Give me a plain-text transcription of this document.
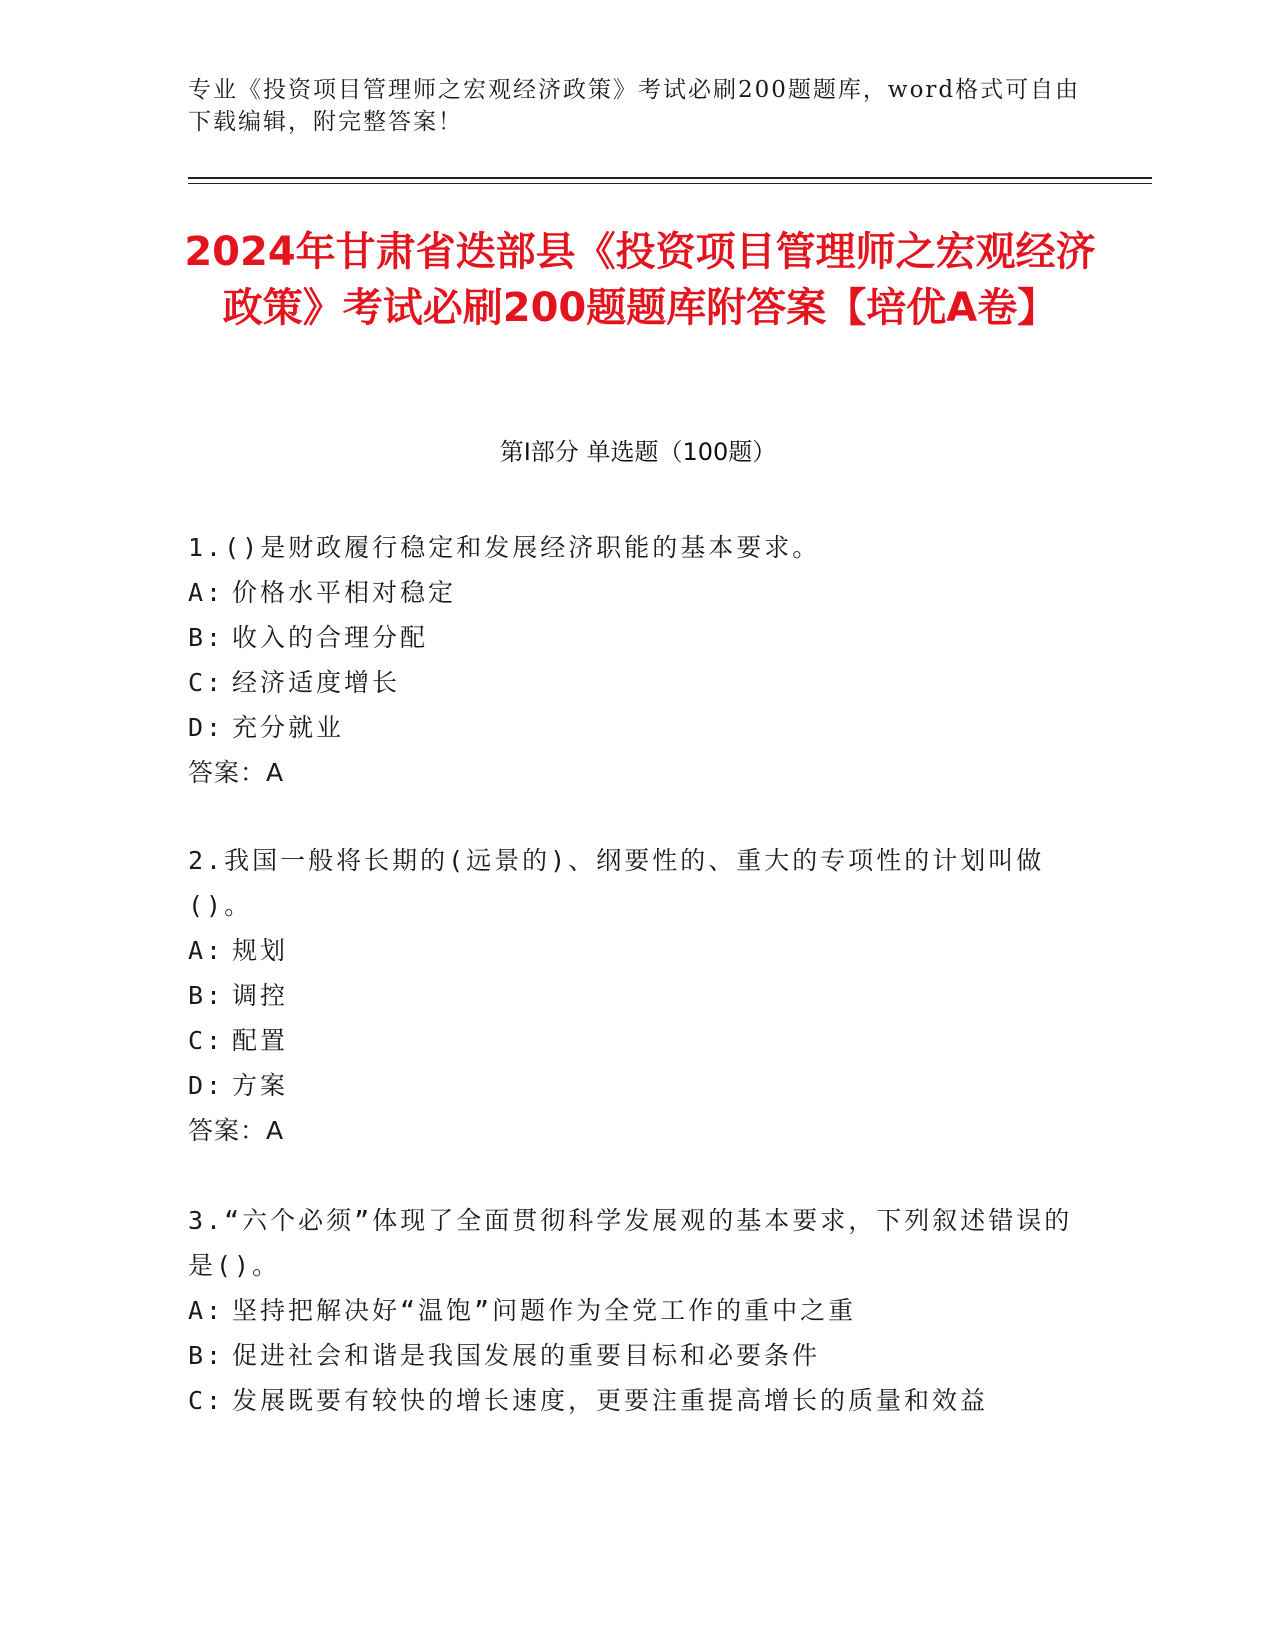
专业《投资项目管理师之宏观经济政策》考试必刷200题题库，word格式可自由下载编辑，附完整答案！
2024年甘肃省迭部县《投资项目管理师之宏观经济政策》考试必刷200题题库附答案【培优A卷】
第I部分 单选题（100题）
1.()是财政履行稳定和发展经济职能的基本要求。
A: 价格水平相对稳定
B: 收入的合理分配
C: 经济适度增长
D: 充分就业
答案：A
2.我国一般将长期的(远景的)、纲要性的、重大的专项性的计划叫做()。
A: 规划
B: 调控
C: 配置
D: 方案
答案：A
3.“六个必须”体现了全面贯彻科学发展观的基本要求，下列叙述错误的是()。
A: 坚持把解决好“温饱”问题作为全党工作的重中之重
B: 促进社会和谐是我国发展的重要目标和必要条件
C: 发展既要有较快的增长速度，更要注重提高增长的质量和效益
